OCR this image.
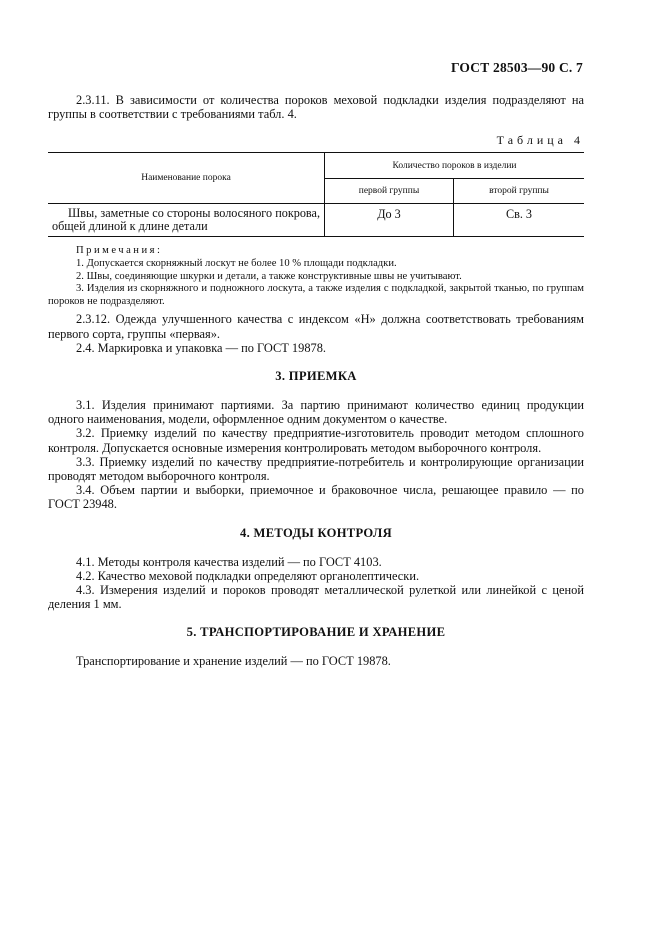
ГОСТ 28503—90 С. 7

2.3.11. В зависимости от количества пороков меховой подкладки изделия подразделяют на группы в соответствии с требованиями табл. 4.

Таблица 4
Наименование порока	Количество пороков в изделии	
	первой группы	второй группы
Швы, заметные со стороны волосяного покрова, общей длиной к длине детали	До 3	Св. 3

Примечания:

1. Допускается скорняжный лоскут не более 10 % площади подкладки.

2. Швы, соединяющие шкурки и детали, а также конструктивные швы не учитывают.

3. Изделия из скорняжного и подножного лоскута, а также изделия с подкладкой, закрытой тканью, по группам пороков не подразделяют.

2.3.12. Одежда улучшенного качества с индексом «Н» должна соответствовать требованиям первого сорта, группы «первая».

2.4. Маркировка и упаковка — по ГОСТ 19878.

3. ПРИЕМКА

3.1. Изделия принимают партиями. За партию принимают количество единиц продукции одного наименования, модели, оформленное одним документом о качестве.

3.2. Приемку изделий по качеству предприятие-изготовитель проводит методом сплошного контроля. Допускается основные измерения контролировать методом выборочного контроля.

3.3. Приемку изделий по качеству предприятие-потребитель и контролирующие организации проводят методом выборочного контроля.

3.4. Объем партии и выборки, приемочное и браковочное числа, решающее правило — по ГОСТ 23948.

4. МЕТОДЫ КОНТРОЛЯ

4.1. Методы контроля качества изделий — по ГОСТ 4103.

4.2. Качество меховой подкладки определяют органолептически.

4.3. Измерения изделий и пороков проводят металлической рулеткой или линейкой с ценой деления 1 мм.

5. ТРАНСПОРТИРОВАНИЕ И ХРАНЕНИЕ

Транспортирование и хранение изделий — по ГОСТ 19878.
